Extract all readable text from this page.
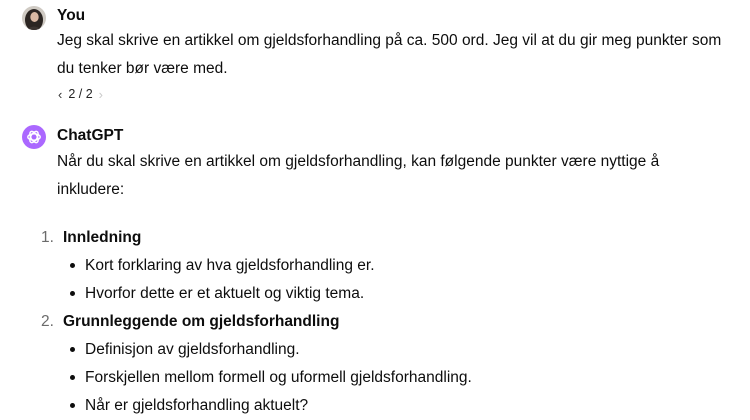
You
Jeg skal skrive en artikkel om gjeldsforhandling på ca. 500 ord. Jeg vil at du gir meg punkter som
du tenker bør være med.
‹ 2 / 2 ›
ChatGPT
Når du skal skrive en artikkel om gjeldsforhandling, kan følgende punkter være nyttige å
inkludere:
1. Innledning
Kort forklaring av hva gjeldsforhandling er.
Hvorfor dette er et aktuelt og viktig tema.
2. Grunnleggende om gjeldsforhandling
Definisjon av gjeldsforhandling.
Forskjellen mellom formell og uformell gjeldsforhandling.
Når er gjeldsforhandling aktuelt?
